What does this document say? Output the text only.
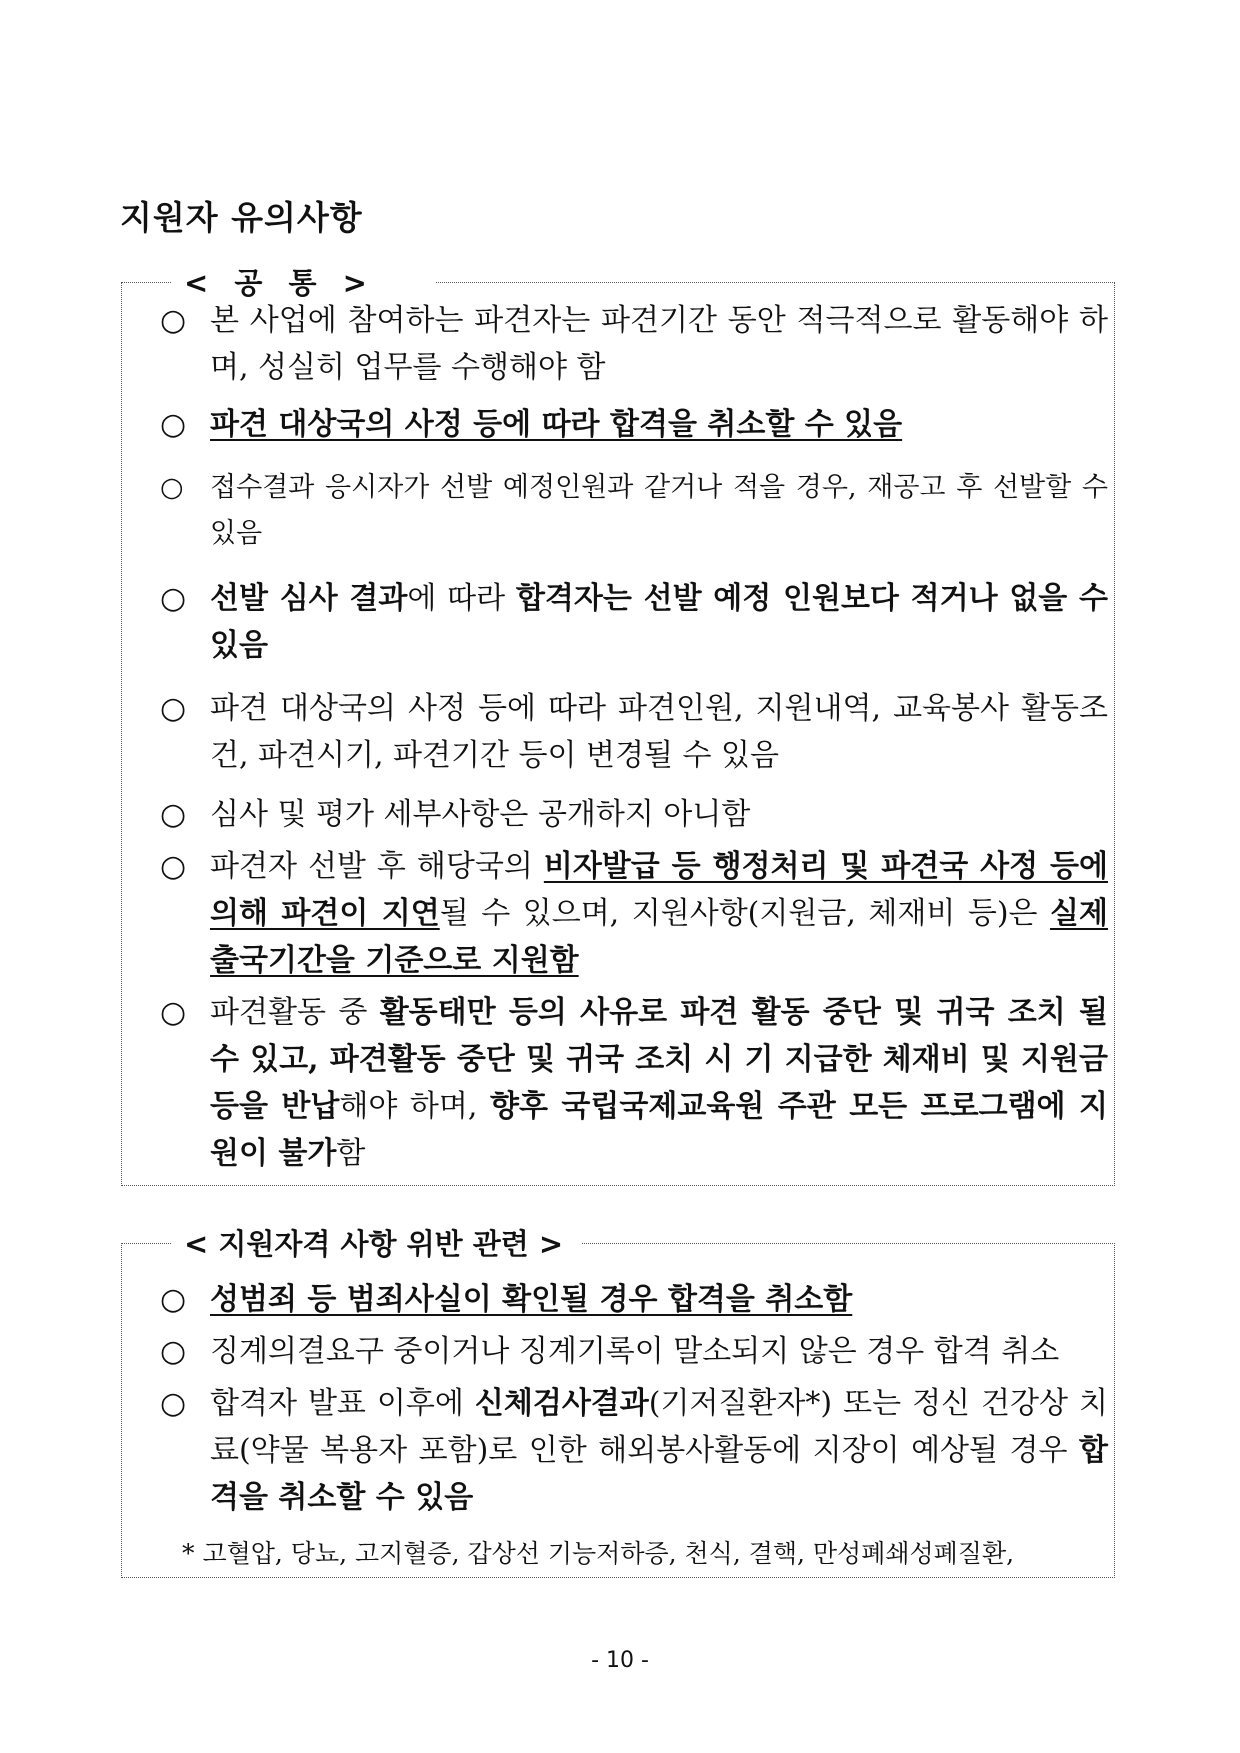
지원자 유의사항
< 공 통 >
○ 본 사업에 참여하는 파견자는 파견기간 동안 적극적으로 활동해야 하며, 성실히 업무를 수행해야 함
○ 파견 대상국의 사정 등에 따라 합격을 취소할 수 있음
○ 접수결과 응시자가 선발 예정인원과 같거나 적을 경우, 재공고 후 선발할 수 있음
○ 선발 심사 결과에 따라 합격자는 선발 예정 인원보다 적거나 없을 수 있음
○ 파견 대상국의 사정 등에 따라 파견인원, 지원내역, 교육봉사 활동조건, 파견시기, 파견기간 등이 변경될 수 있음
○ 심사 및 평가 세부사항은 공개하지 아니함
○ 파견자 선발 후 해당국의 비자발급 등 행정처리 및 파견국 사정 등에 의해 파견이 지연될 수 있으며, 지원사항(지원금, 체재비 등)은 실제 출국기간을 기준으로 지원함
○ 파견활동 중 활동태만 등의 사유로 파견 활동 중단 및 귀국 조치 될 수 있고, 파견활동 중단 및 귀국 조치 시 기 지급한 체재비 및 지원금 등을 반납해야 하며, 향후 국립국제교육원 주관 모든 프로그램에 지원이 불가함
< 지원자격 사항 위반 관련 >
○ 성범죄 등 범죄사실이 확인될 경우 합격을 취소함
○ 징계의결요구 중이거나 징계기록이 말소되지 않은 경우 합격 취소
○ 합격자 발표 이후에 신체검사결과(기저질환자*) 또는 정신 건강상 치료(약물 복용자 포함)로 인한 해외봉사활동에 지장이 예상될 경우 합격을 취소할 수 있음
* 고혈압, 당뇨, 고지혈증, 갑상선 기능저하증, 천식, 결핵, 만성폐쇄성폐질환,
- 10 -
